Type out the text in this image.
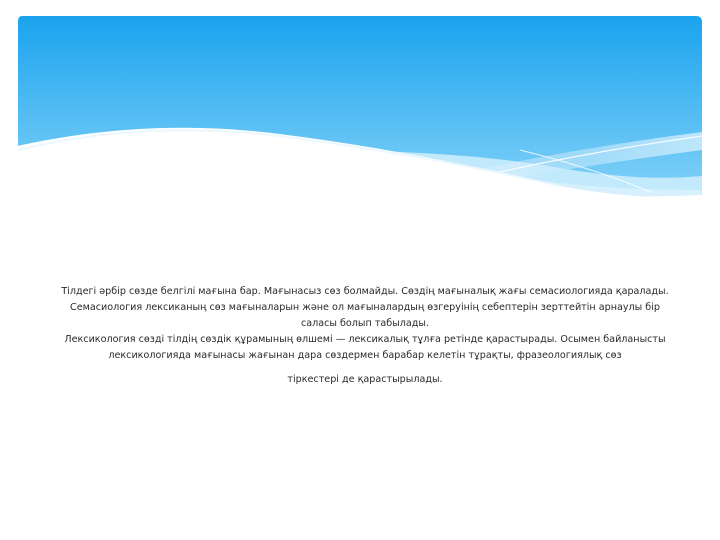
Тілдегі әрбір сөзде белгілі мағына бар. Мағынасыз сөз болмайды. Сөздің мағыналық жағы семасиологияда қаралады. Семасиология лексиканың сөз мағыналарын және ол мағыналардың өзгеруінің себептерін зерттейтін арнаулы бір саласы болып табылады.

Лексикология сөзді тілдің сөздік құрамының өлшемі — лексикалық тұлға ретінде қарастырады. Осымен байланысты лексикологияда мағынасы жағынан дара сөздермен барабар келетін тұрақты, фразеологиялық сөз

тіркестері де қарастырылады.
